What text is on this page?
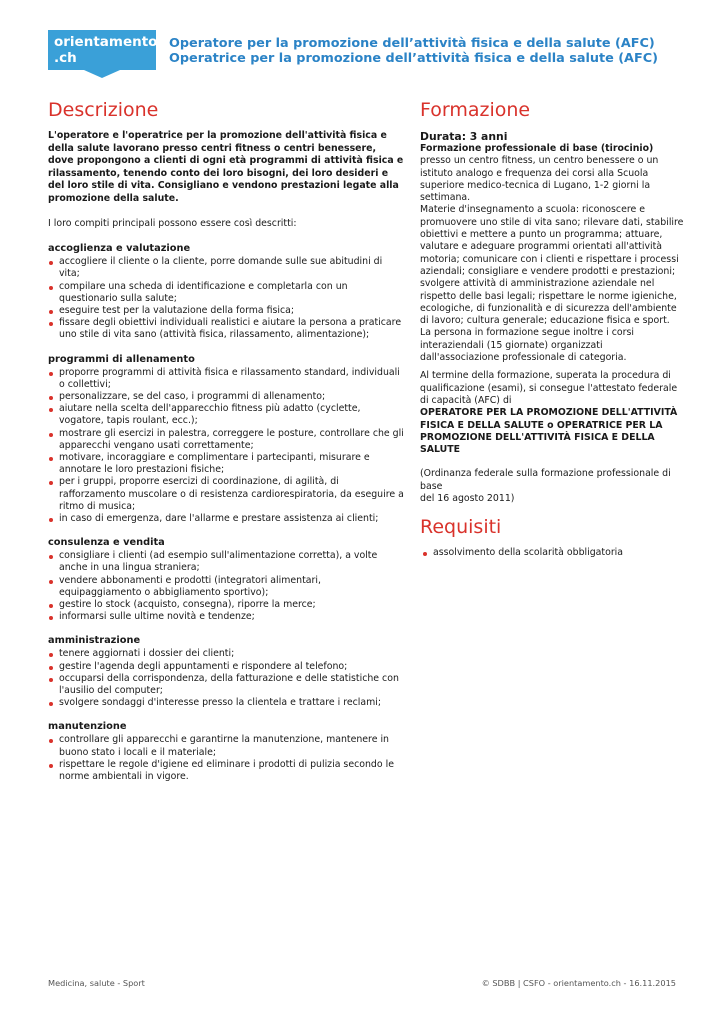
orientamento
.ch
Operatore per la promozione dell’attività fisica e della salute (AFC)
Operatrice per la promozione dell’attività fisica e della salute (AFC)
Descrizione

L'operatore e l'operatrice per la promozione dell'attività fisica e della salute lavorano presso centri fitness o centri benessere, dove propongono a clienti di ogni età programmi di attività fisica e rilassamento, tenendo conto dei loro bisogni, dei loro desideri e del loro stile di vita. Consigliano e vendono prestazioni legate alla promozione della salute.

I loro compiti principali possono essere così descritti:

accoglienza e valutazione
accogliere il cliente o la cliente, porre domande sulle sue abitudini di vita;
compilare una scheda di identificazione e completarla con un questionario sulla salute;
eseguire test per la valutazione della forma fisica;
fissare degli obiettivi individuali realistici e aiutare la persona a praticare uno stile di vita sano (attività fisica, rilassamento, alimentazione);
programmi di allenamento
proporre programmi di attività fisica e rilassamento standard, individuali o collettivi;
personalizzare, se del caso, i programmi di allenamento;
aiutare nella scelta dell'apparecchio fitness più adatto (cyclette, vogatore, tapis roulant, ecc.);
mostrare gli esercizi in palestra, correggere le posture, controllare che gli apparecchi vengano usati correttamente;
motivare, incoraggiare e complimentare i partecipanti, misurare e annotare le loro prestazioni fisiche;
per i gruppi, proporre esercizi di coordinazione, di agilità, di rafforzamento muscolare o di resistenza cardiorespiratoria, da eseguire a ritmo di musica;
in caso di emergenza, dare l'allarme e prestare assistenza ai clienti;
consulenza e vendita
consigliare i clienti (ad esempio sull'alimentazione corretta), a volte anche in una lingua straniera;
vendere abbonamenti e prodotti (integratori alimentari, equipaggiamento o abbigliamento sportivo);
gestire lo stock (acquisto, consegna), riporre la merce;
informarsi sulle ultime novità e tendenze;
amministrazione
tenere aggiornati i dossier dei clienti;
gestire l'agenda degli appuntamenti e rispondere al telefono;
occuparsi della corrispondenza, della fatturazione e delle statistiche con l'ausilio del computer;
svolgere sondaggi d'interesse presso la clientela e trattare i reclami;
manutenzione
controllare gli apparecchi e garantirne la manutenzione, mantenere in buono stato i locali e il materiale;
rispettare le regole d'igiene ed eliminare i prodotti di pulizia secondo le norme ambientali in vigore.
Formazione
Durata: 3 anni

Formazione professionale di base (tirocinio) presso un centro fitness, un centro benessere o un istituto analogo e frequenza dei corsi alla Scuola superiore medico-tecnica di Lugano, 1-2 giorni la settimana.

Materie d'insegnamento a scuola: riconoscere e promuovere uno stile di vita sano; rilevare dati, stabilire obiettivi e mettere a punto un programma; attuare, valutare e adeguare programmi orientati all'attività motoria; comunicare con i clienti e rispettare i processi aziendali; consigliare e vendere prodotti e prestazioni; svolgere attività di amministrazione aziendale nel rispetto delle basi legali; rispettare le norme igieniche, ecologiche, di funzionalità e di sicurezza dell'ambiente di lavoro; cultura generale; educazione fisica e sport.

La persona in formazione segue inoltre i corsi interaziendali (15 giornate) organizzati dall'associazione professionale di categoria.

Al termine della formazione, superata la procedura di qualificazione (esami), si consegue l'attestato federale di capacità (AFC) di

OPERATORE PER LA PROMOZIONE DELL'ATTIVITÀ FISICA E DELLA SALUTE o OPERATRICE PER LA PROMOZIONE DELL'ATTIVITÀ FISICA E DELLA SALUTE

(Ordinanza federale sulla formazione professionale di base
del 16 agosto 2011)

Requisiti
assolvimento della scolarità obbligatoria
Medicina, salute - Sport	© SDBB | CSFO - orientamento.ch - 16.11.2015
